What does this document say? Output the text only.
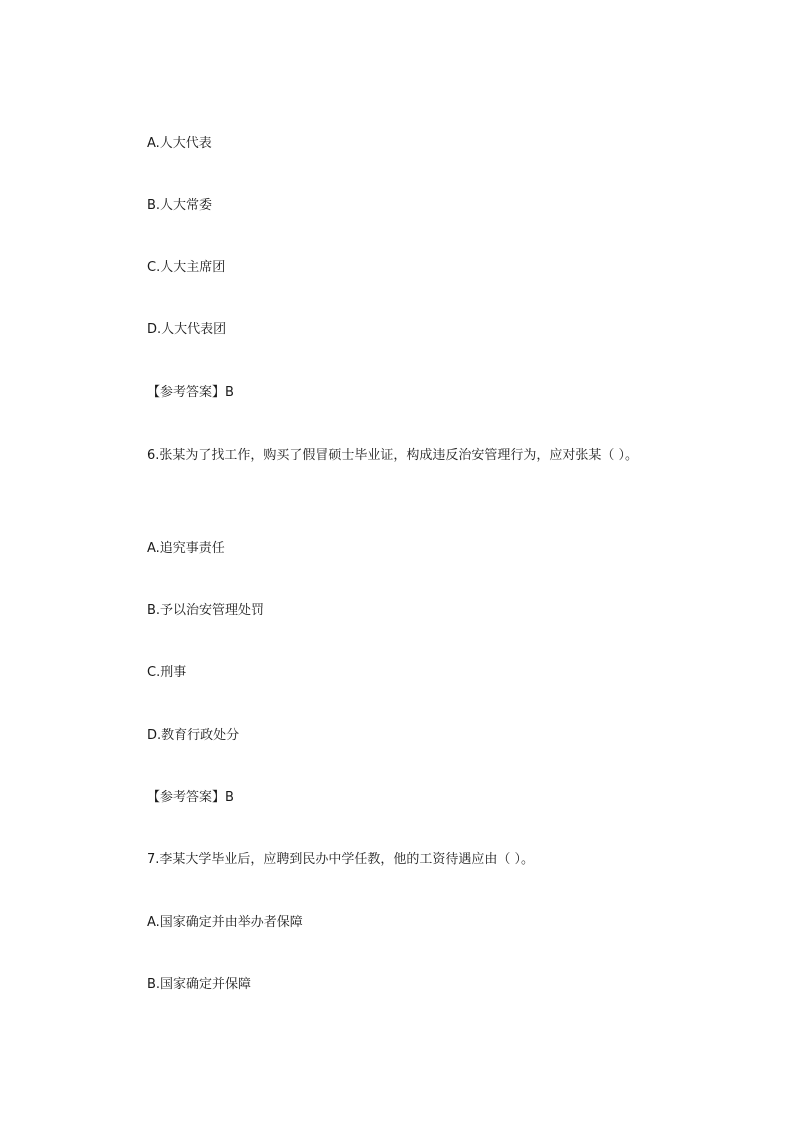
A.人大代表
B.人大常委
C.人大主席团
D.人大代表团
【参考答案】B
6.张某为了找工作，购买了假冒硕士毕业证，构成违反治安管理行为，应对张某（ ）。
A.追究事责任
B.予以治安管理处罚
C.刑事
D.教育行政处分
【参考答案】B
7.李某大学毕业后，应聘到民办中学任教，他的工资待遇应由（ ）。
A.国家确定并由举办者保障
B.国家确定并保障
